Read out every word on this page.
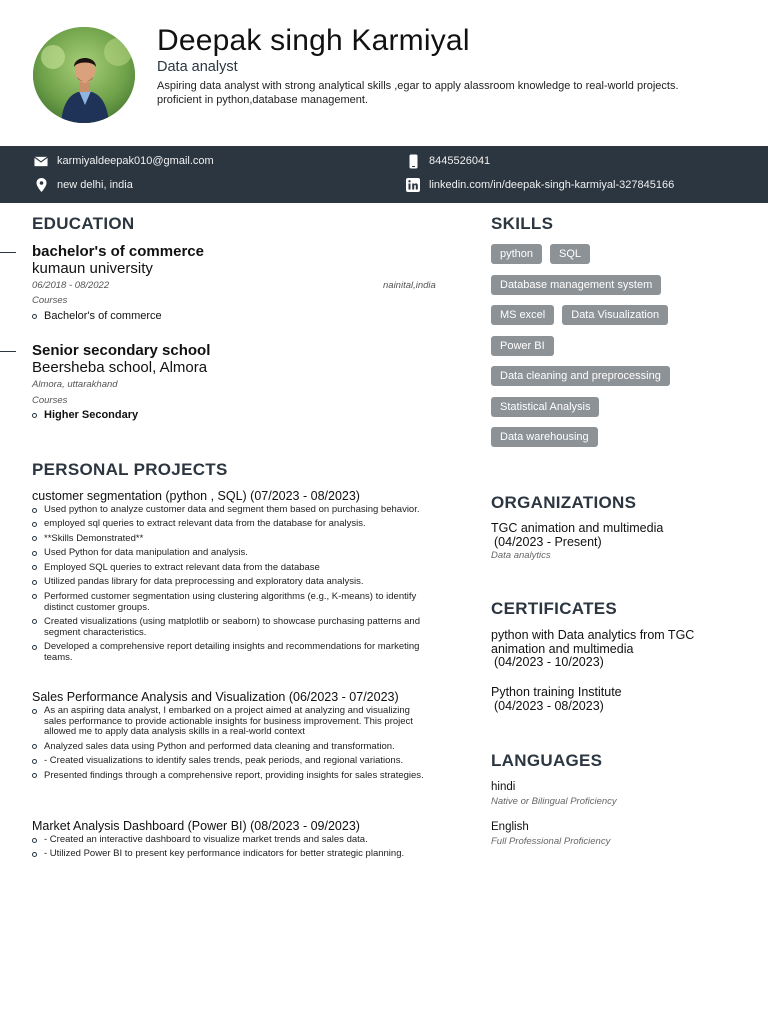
Deepak singh Karmiyal
Data analyst
Aspiring data analyst with strong analytical skills ,egar to apply alassroom knowledge to real-world projects. proficient in python,database management.
karmiyaldeepak010@gmail.com
new delhi, india
8445526041
linkedin.com/in/deepak-singh-karmiyal-327845166
EDUCATION
bachelor's of commerce
kumaun university
06/2018 - 08/2022	nainital,india
Courses
Bachelor's of commerce
Senior secondary school
Beersheba school, Almora
Almora, uttarakhand
Courses
Higher Secondary
PERSONAL PROJECTS
customer segmentation (python , SQL) (07/2023 - 08/2023)
Used python to analyze customer data and segment them based on purchasing behavior.
employed sql queries to extract relevant data from the database for analysis.
**Skills Demonstrated**
Used Python for data manipulation and analysis.
Employed SQL queries to extract relevant data from the database
Utilized pandas library for data preprocessing and exploratory data analysis.
Performed customer segmentation using clustering algorithms (e.g., K-means) to identify distinct customer groups.
Created visualizations (using matplotlib or seaborn) to showcase purchasing patterns and segment characteristics.
Developed a comprehensive report detailing insights and recommendations for marketing teams.
Sales Performance Analysis and Visualization (06/2023 - 07/2023)
As an aspiring data analyst, I embarked on a project aimed at analyzing and visualizing sales performance to provide actionable insights for business improvement. This project allowed me to apply data analysis skills in a real-world context
Analyzed sales data using Python and performed data cleaning and transformation.
- Created visualizations to identify sales trends, peak periods, and regional variations.
Presented findings through a comprehensive report, providing insights for sales strategies.
Market Analysis Dashboard (Power BI) (08/2023 - 09/2023)
- Created an interactive dashboard to visualize market trends and sales data.
- Utilized Power BI to present key performance indicators for better strategic planning.
SKILLS
python	SQL
Database management system
MS excel	Data Visualization
Power BI
Data cleaning and preprocessing
Statistical Analysis
Data warehousing
ORGANIZATIONS
TGC animation and multimedia
(04/2023 - Present)
Data analytics
CERTIFICATES
python with Data analytics from TGC
animation and multimedia
(04/2023 - 10/2023)
Python training Institute
(04/2023 - 08/2023)
LANGUAGES
hindi
Native or Bilingual Proficiency
English
Full Professional Proficiency
